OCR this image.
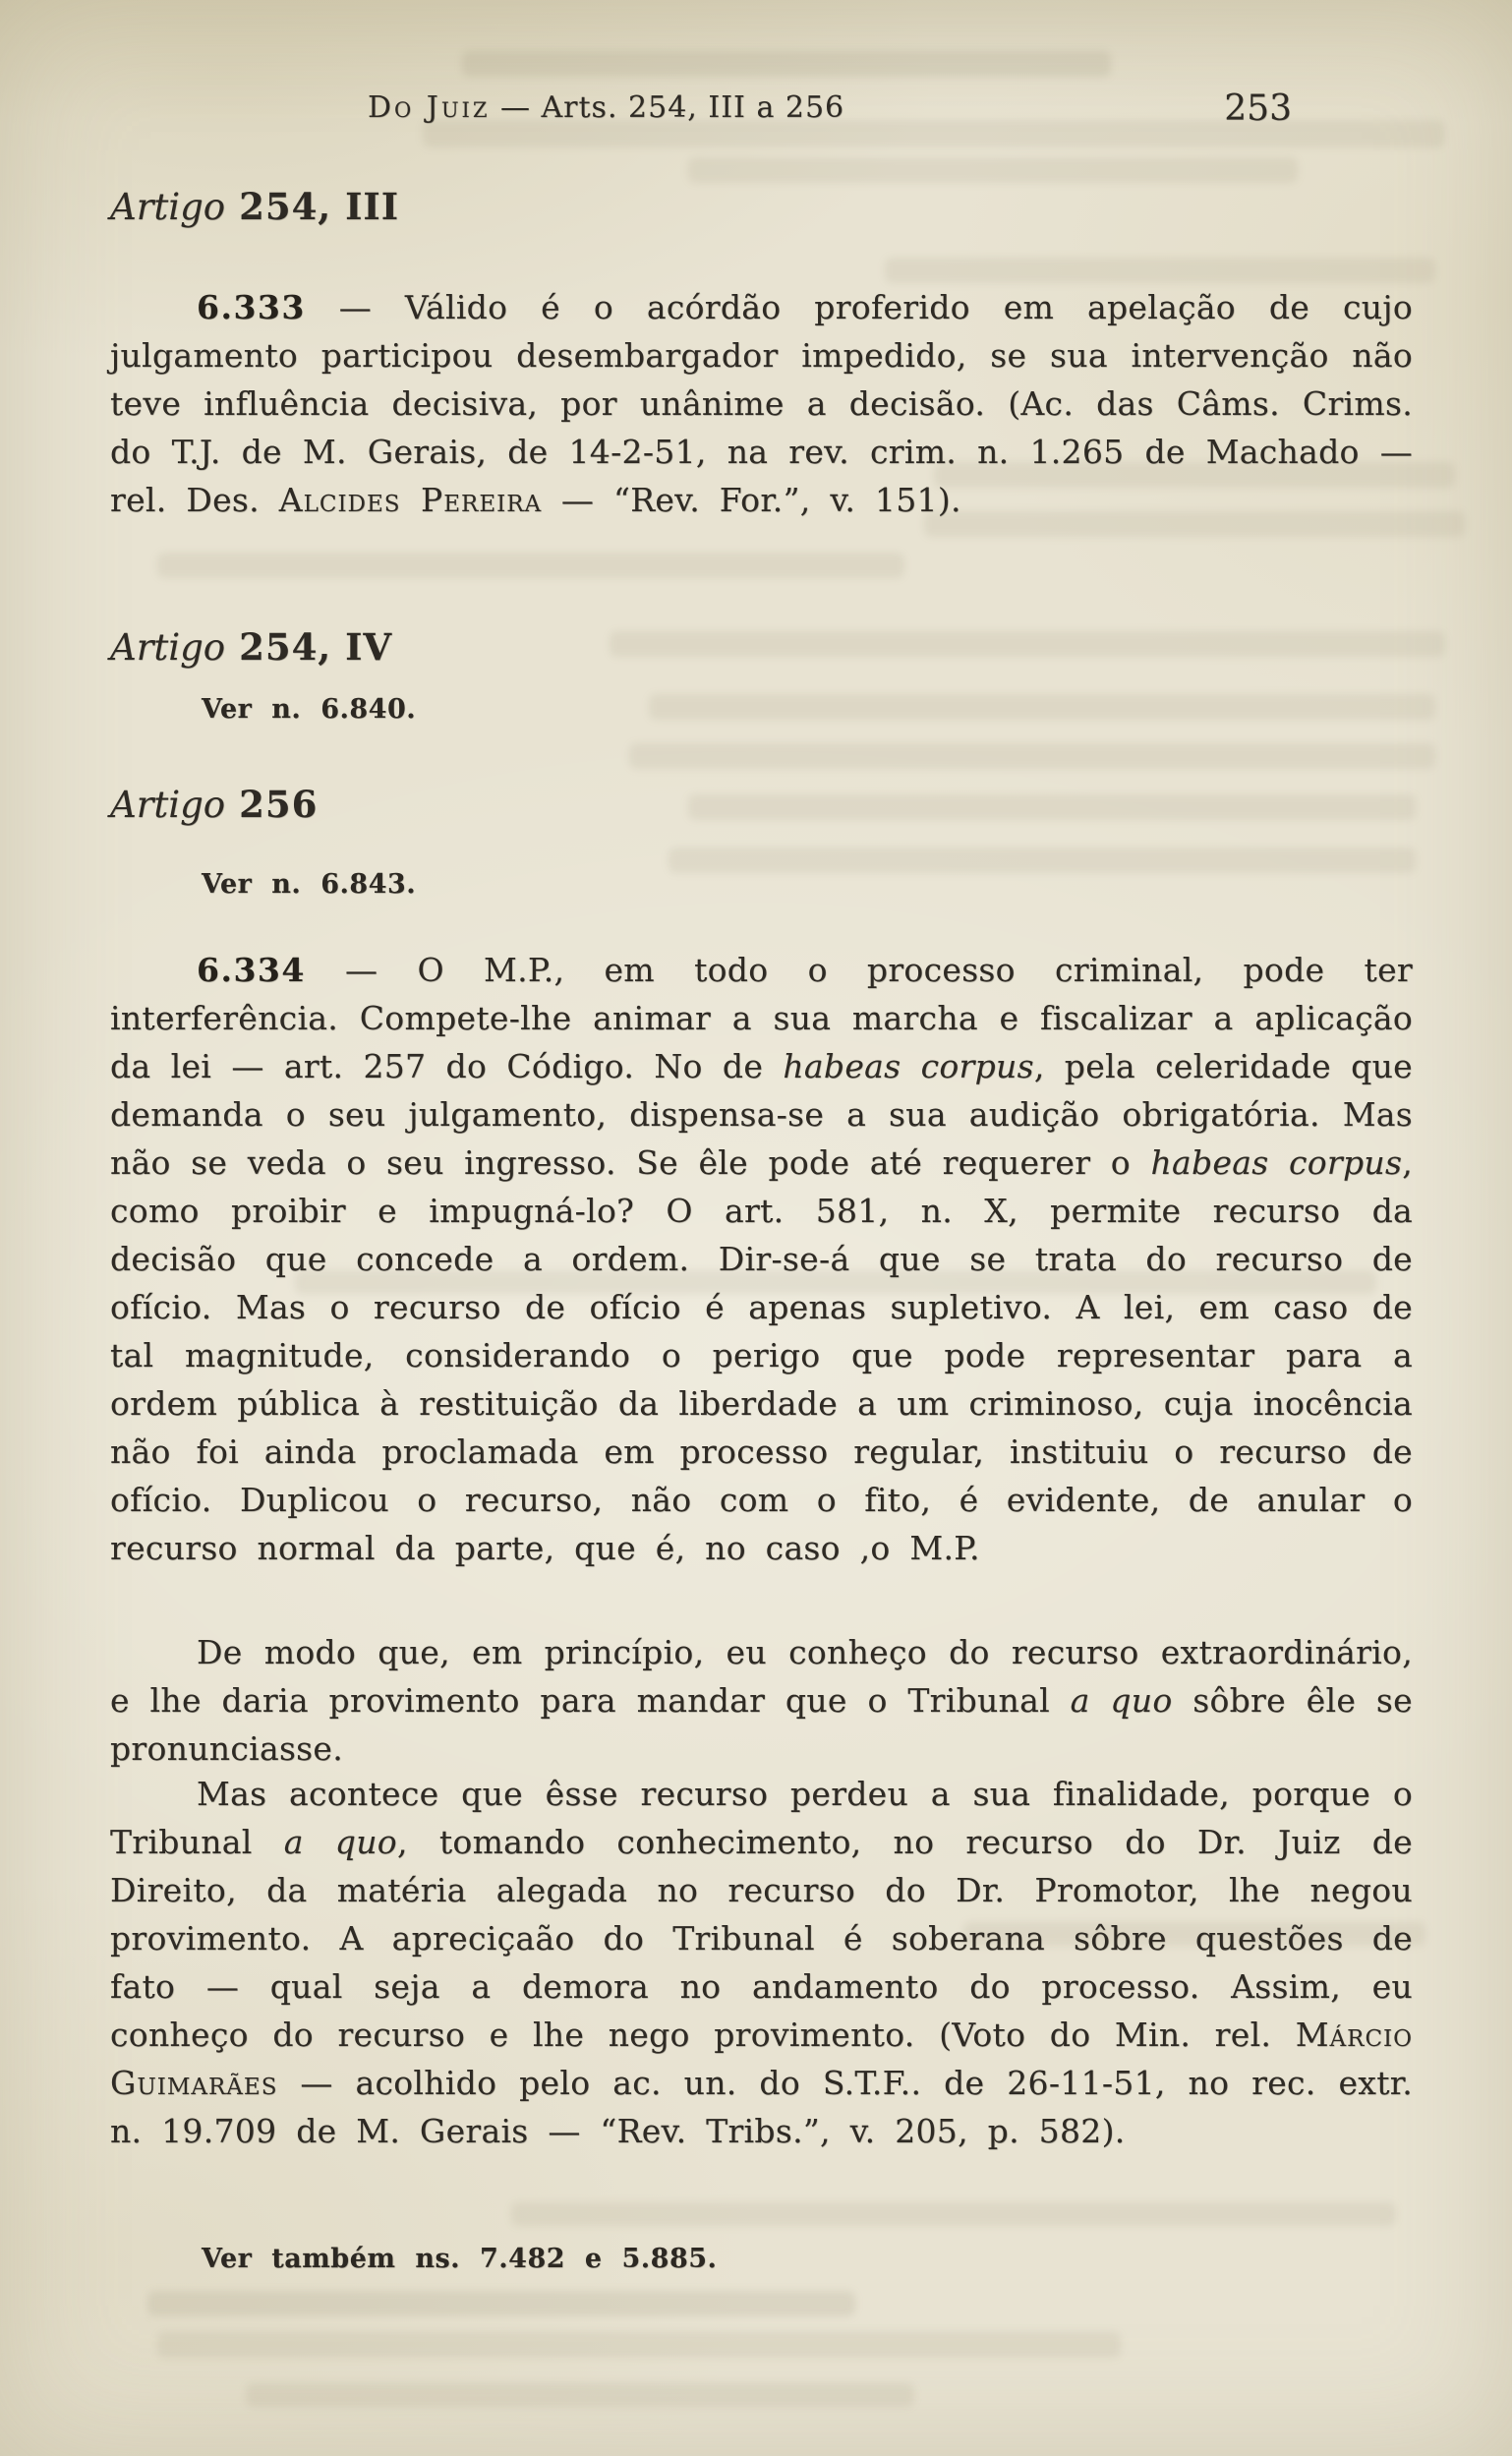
Do Juiz — Arts. 254, III a 256	253
Artigo 254, III

6.333 — Válido é o acórdão proferido em apelação de cujo julgamento participou desembargador impedido, se sua intervenção não teve influência decisiva, por unânime a decisão. (Ac. das Câms. Crims. do T.J. de M. Gerais, de 14-2-51, na rev. crim. n. 1.265 de Machado — rel. Des. Alcides Pereira — “Rev. For.”, v. 151).

Artigo 254, IV

Ver n. 6.840.

Artigo 256

Ver n. 6.843.

6.334 — O M.P., em todo o processo criminal, pode ter interferência. Compete-lhe animar a sua marcha e fiscalizar a aplicação da lei — art. 257 do Código. No de habeas corpus, pela celeridade que demanda o seu julgamento, dispensa-se a sua audição obrigatória. Mas não se veda o seu ingresso. Se êle pode até requerer o habeas corpus, como proibir e impugná-lo? O art. 581, n. X, permite recurso da decisão que concede a ordem. Dir-se-á que se trata do recurso de ofício. Mas o recurso de ofício é apenas supletivo. A lei, em caso de tal magnitude, considerando o perigo que pode representar para a ordem pública à restituição da liberdade a um criminoso, cuja inocência não foi ainda proclamada em processo regular, instituiu o recurso de ofício. Duplicou o recurso, não com o fito, é evidente, de anular o recurso normal da parte, que é, no caso ,o M.P.

De modo que, em princípio, eu conheço do recurso extraordinário, e lhe daria provimento para mandar que o Tribunal a quo sôbre êle se pronunciasse.

Mas acontece que êsse recurso perdeu a sua finalidade, porque o Tribunal a quo, tomando conhecimento, no recurso do Dr. Juiz de Direito, da matéria alegada no recurso do Dr. Promotor, lhe negou provimento. A apreciçaão do Tribunal é soberana sôbre questões de fato — qual seja a demora no andamento do processo. Assim, eu conheço do recurso e lhe nego provimento. (Voto do Min. rel. Márcio Guimarães — acolhido pelo ac. un. do S.T.F.. de 26-11-51, no rec. extr. n. 19.709 de M. Gerais — “Rev. Tribs.”, v. 205, p. 582).

Ver também ns. 7.482 e 5.885.
